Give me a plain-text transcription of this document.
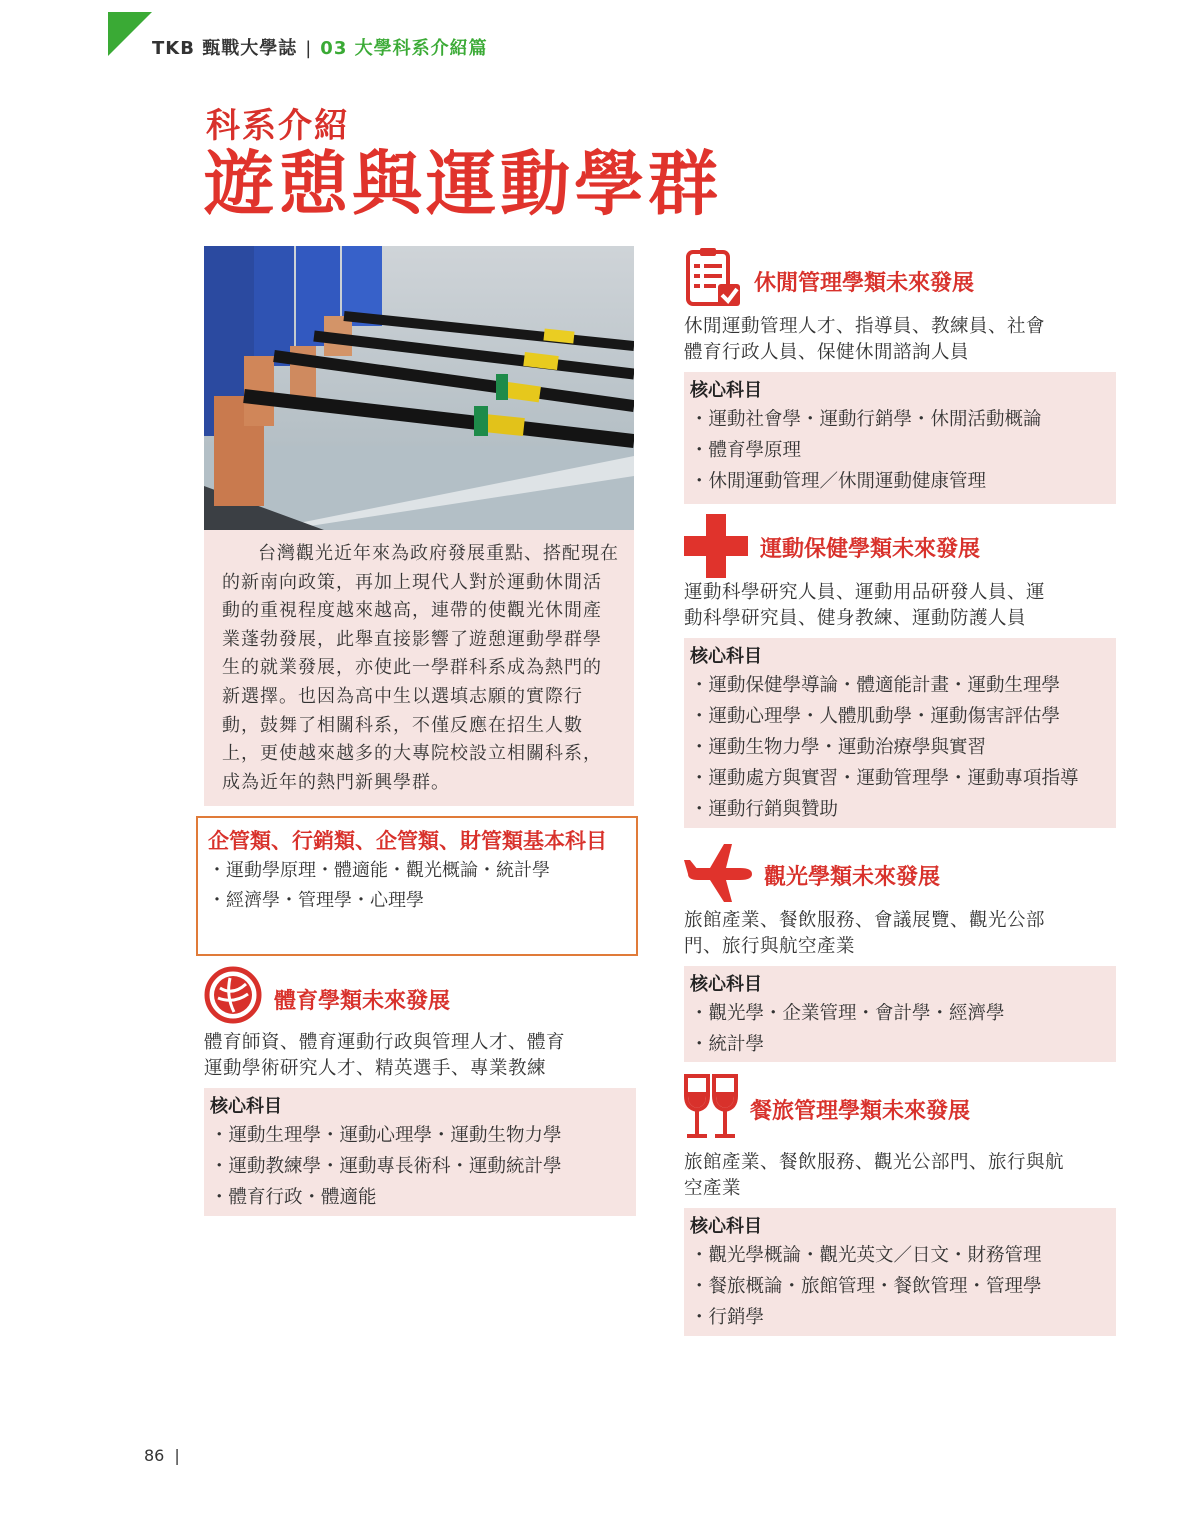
TKB 甄戰大學誌 | 03 大學科系介紹篇
科系介紹
遊憩與運動學群

台灣觀光近年來為政府發展重點、搭配現在的新南向政策，再加上現代人對於運動休閒活動的重視程度越來越高，連帶的使觀光休閒產業蓬勃發展，此舉直接影響了遊憩運動學群學生的就業發展，亦使此一學群科系成為熱門的新選擇。也因為高中生以選填志願的實際行動，鼓舞了相關科系，不僅反應在招生人數上，更使越來越多的大專院校設立相關科系，成為近年的熱門新興學群。

企管類、行銷類、企管類、財管類基本科目
・運動學原理・體適能・觀光概論・統計學
・經濟學・管理學・心理學
體育學類未來發展
體育師資、體育運動行政與管理人才、體育
運動學術研究人才、精英選手、專業教練
核心科目
・ 運動生理學・運動心理學・運動生物力學
・ 運動教練學・運動專長術科・運動統計學
・ 體育行政・體適能
休閒管理學類未來發展
休閒運動管理人才、指導員、教練員、社會
體育行政人員、保健休閒諮詢人員
核心科目
・ 運動社會學・運動行銷學・休閒活動概論
・ 體育學原理
・ 休閒運動管理／休閒運動健康管理
運動保健學類未來發展
運動科學研究人員、運動用品研發人員、運
動科學研究員、健身教練、運動防護人員
核心科目
・ 運動保健學導論・體適能計畫・運動生理學
・ 運動心理學・人體肌動學・運動傷害評估學
・ 運動生物力學・運動治療學與實習
・ 運動處方與實習・運動管理學・運動專項指導
・ 運動行銷與贊助
觀光學類未來發展
旅館產業、餐飲服務、會議展覽、觀光公部
門、旅行與航空產業
核心科目
・ 觀光學・企業管理・會計學・經濟學
・ 統計學
餐旅管理學類未來發展
旅館產業、餐飲服務、觀光公部門、旅行與航
空產業
核心科目
・ 觀光學概論・觀光英文／日文・財務管理
・ 餐旅概論・旅館管理・餐飲管理・管理學
・ 行銷學
86 |
